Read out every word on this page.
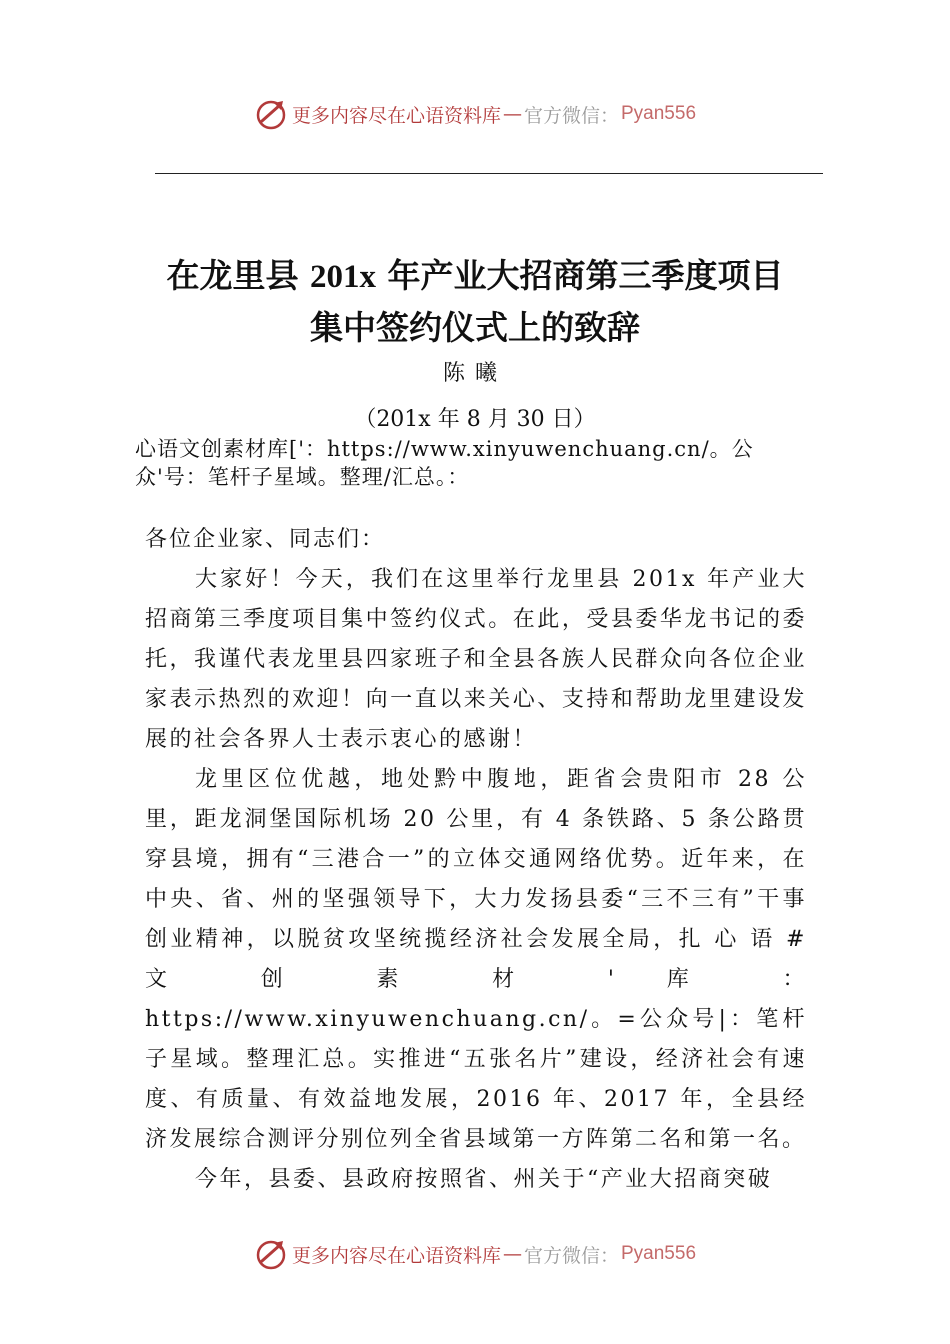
更多内容尽在心语资料库 — 官方微信： Pyan556
在龙里县 201x 年产业大招商第三季度项目
集中签约仪式上的致辞
陈曦
（201x 年 8 月 30 日）
心语文创素材库['：https://www.xinyuwenchuang.cn/。公众'号：笔杆子星域。整理/汇总。：
各位企业家、同志们：
大家好！今天，我们在这里举行龙里县 201x 年产业大招商第三季度项目集中签约仪式。在此，受县委华龙书记的委托，我谨代表龙里县四家班子和全县各族人民群众向各位企业家表示热烈的欢迎！向一直以来关心、支持和帮助龙里建设发展的社会各界人士表示衷心的感谢！
龙里区位优越，地处黔中腹地，距省会贵阳市 28 公里，距龙洞堡国际机场 20 公里，有 4 条铁路、5 条公路贯穿县境，拥有“三港合一”的立体交通网络优势。近年来，在中央、省、州的坚强领导下，大力发扬县委“三不三有”干事创业精神，以脱贫攻坚统揽经济社会发展全局，扎 心 语 # 文 创 素 材 ' 库 ： https://www.xinyuwenchuang.cn/。=公众号|：笔杆子星域。整理汇总。实推进“五张名片”建设，经济社会有速度、有质量、有效益地发展，2016 年、2017 年，全县经济发展综合测评分别位列全省县域第一方阵第二名和第一名。
今年，县委、县政府按照省、州关于“产业大招商突破
更多内容尽在心语资料库 — 官方微信： Pyan556
